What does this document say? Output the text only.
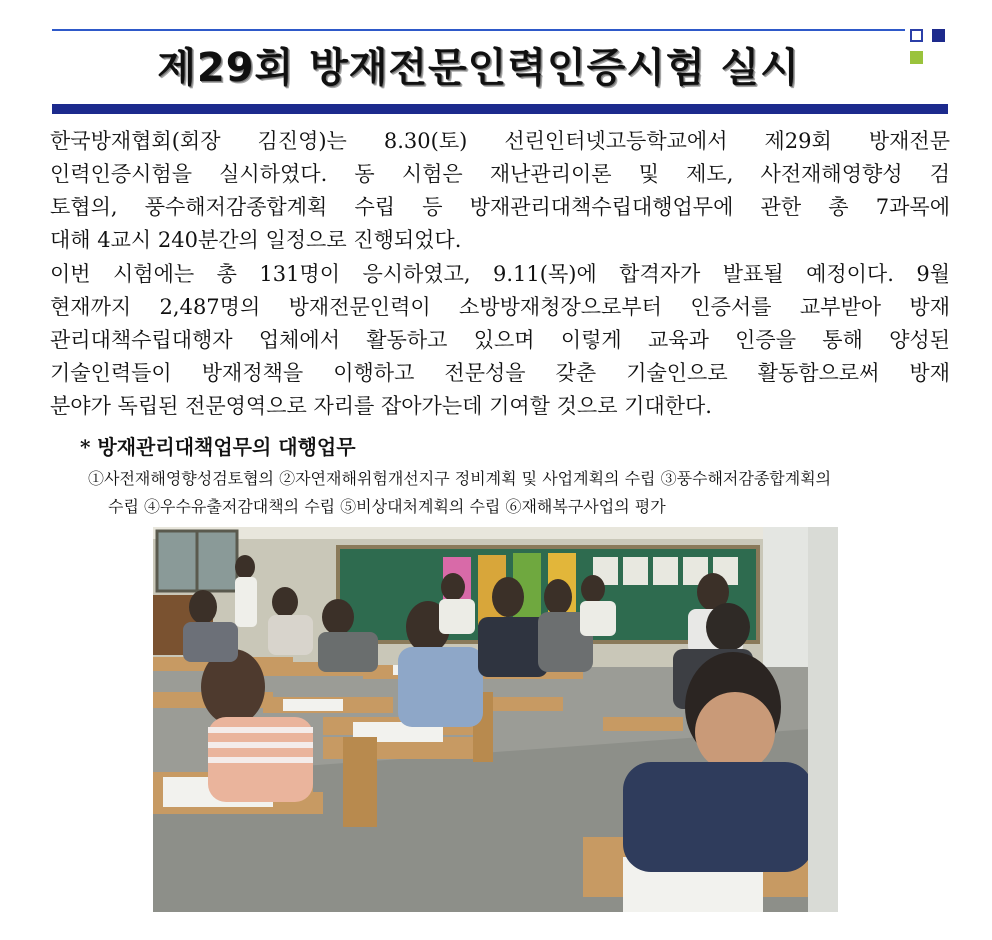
제29회 방재전문인력인증시험 실시
한국방재협회(회장 김진영)는 8.30(토) 선린인터넷고등학교에서 제29회 방재전문
인력인증시험을 실시하였다. 동 시험은 재난관리이론 및 제도, 사전재해영향성 검
토협의, 풍수해저감종합계획 수립 등 방재관리대책수립대행업무에 관한 총 7과목에
대해 4교시 240분간의 일정으로 진행되었다.
이번 시험에는 총 131명이 응시하였고, 9.11(목)에 합격자가 발표될 예정이다. 9월
현재까지 2,487명의 방재전문인력이 소방방재청장으로부터 인증서를 교부받아 방재
관리대책수립대행자 업체에서 활동하고 있으며 이렇게 교육과 인증을 통해 양성된
기술인력들이 방재정책을 이행하고 전문성을 갖춘 기술인으로 활동함으로써 방재
분야가 독립된 전문영역으로 자리를 잡아가는데 기여할 것으로 기대한다.
* 방재관리대책업무의 대행업무
①사전재해영향성검토협의 ②자연재해위험개선지구 정비계획 및 사업계획의 수립 ③풍수해저감종합계획의
수립 ④우수유출저감대책의 수립 ⑤비상대처계획의 수립 ⑥재해복구사업의 평가
